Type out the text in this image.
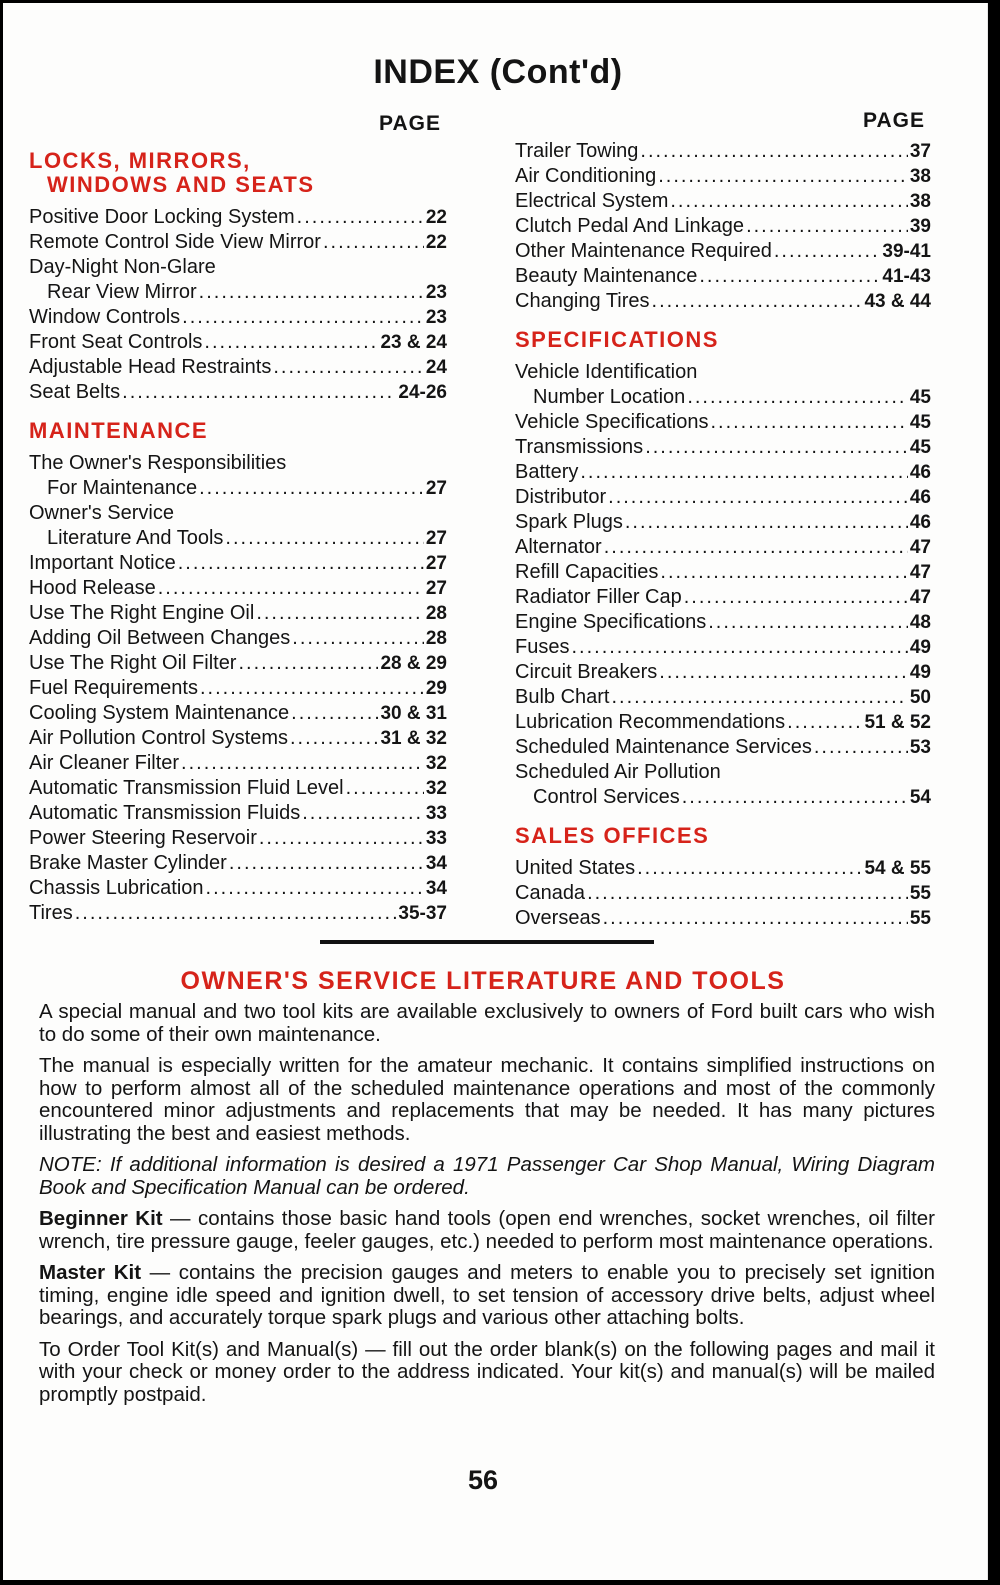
INDEX (Cont'd)
PAGE	PAGE
LOCKS, MIRRORS,
WINDOWS AND SEATS
Positive Door Locking System .....	22
Remote Control Side View Mirror .....	22
Day-Night Non-Glare
Rear View Mirror .....	23
Window Controls .....	23
Front Seat Controls .....	23 & 24
Adjustable Head Restraints .....	24
Seat Belts .....	24-26
MAINTENANCE
The Owner's Responsibilities
For Maintenance .....	27
Owner's Service
Literature And Tools .....	27
Important Notice .....	27
Hood Release .....	27
Use The Right Engine Oil .....	28
Adding Oil Between Changes .....	28
Use The Right Oil Filter .....	28 & 29
Fuel Requirements .....	29
Cooling System Maintenance .....	30 & 31
Air Pollution Control Systems .....	31 & 32
Air Cleaner Filter .....	32
Automatic Transmission Fluid Level .....	32
Automatic Transmission Fluids .....	33
Power Steering Reservoir .....	33
Brake Master Cylinder .....	34
Chassis Lubrication .....	34
Tires .....	35-37
Trailer Towing .....	37
Air Conditioning .....	38
Electrical System .....	38
Clutch Pedal And Linkage .....	39
Other Maintenance Required .....	39-41
Beauty Maintenance .....	41-43
Changing Tires .....	43 & 44
SPECIFICATIONS
Vehicle Identification
Number Location .....	45
Vehicle Specifications .....	45
Transmissions .....	45
Battery .....	46
Distributor .....	46
Spark Plugs .....	46
Alternator .....	47
Refill Capacities .....	47
Radiator Filler Cap .....	47
Engine Specifications .....	48
Fuses .....	49
Circuit Breakers .....	49
Bulb Chart .....	50
Lubrication Recommendations .....	51 & 52
Scheduled Maintenance Services .....	53
Scheduled Air Pollution
Control Services .....	54
SALES OFFICES
United States .....	54 & 55
Canada .....	55
Overseas .....	55
OWNER'S SERVICE LITERATURE AND TOOLS

A special manual and two tool kits are available exclusively to owners of Ford built cars who wish to do some of their own maintenance.

The manual is especially written for the amateur mechanic. It contains simplified instructions on how to perform almost all of the scheduled maintenance operations and most of the commonly encountered minor adjustments and replacements that may be needed. It has many pictures illustrating the best and easiest methods.

NOTE: If additional information is desired a 1971 Passenger Car Shop Manual, Wiring Diagram Book and Specification Manual can be ordered.

Beginner Kit — contains those basic hand tools (open end wrenches, socket wrenches, oil filter wrench, tire pressure gauge, feeler gauges, etc.) needed to perform most maintenance operations.

Master Kit — contains the precision gauges and meters to enable you to precisely set ignition timing, engine idle speed and ignition dwell, to set tension of accessory drive belts, adjust wheel bearings, and accurately torque spark plugs and various other attaching bolts.

To Order Tool Kit(s) and Manual(s) — fill out the order blank(s) on the following pages and mail it with your check or money order to the address indicated. Your kit(s) and manual(s) will be mailed promptly postpaid.

56
